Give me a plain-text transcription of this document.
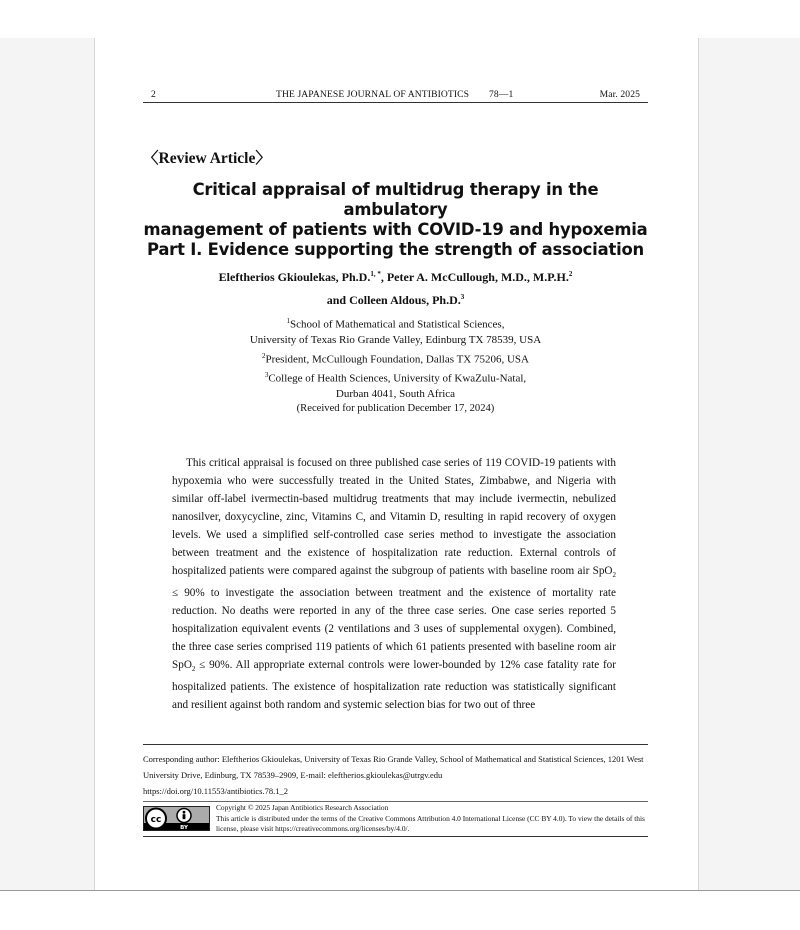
2	THE JAPANESE JOURNAL OF ANTIBIOTICS 78—1	Mar. 2025
〈Review Article〉
Critical appraisal of multidrug therapy in the ambulatory
management of patients with COVID-19 and hypoxemia
Part I. Evidence supporting the strength of association
Eleftherios Gkioulekas, Ph.D.$^{1, *}$, Peter A. McCullough, M.D., M.P.H.$^2$
and Colleen Aldous, Ph.D.$^3$
$^1$School of Mathematical and Statistical Sciences,
University of Texas Rio Grande Valley, Edinburg TX 78539, USA
$^2$President, McCullough Foundation, Dallas TX 75206, USA
$^3$College of Health Sciences, University of KwaZulu-Natal,
Durban 4041, South Africa
(Received for publication December 17, 2024)
This critical appraisal is focused on three published case series of 119 COVID-19 patients with hypoxemia who were successfully treated in the United States, Zimbabwe, and Nigeria with similar off-label ivermectin-based multidrug treatments that may include ivermectin, nebulized nanosilver, doxycycline, zinc, Vitamins C, and Vitamin D, resulting in rapid recovery of oxygen levels. We used a simplified self-controlled case series method to investigate the association between treatment and the existence of hospitalization rate reduction. External controls of hospitalized patients were compared against the subgroup of patients with baseline room air SpO$_2$ ≤ 90% to investigate the association between treatment and the existence of mortality rate reduction. No deaths were reported in any of the three case series. One case series reported 5 hospitalization equivalent events (2 ventilations and 3 uses of supplemental oxygen). Combined, the three case series comprised 119 patients of which 61 patients presented with baseline room air SpO$_2$ ≤ 90%. All appropriate external controls were lower-bounded by 12% case fatality rate for hospitalized patients. The existence of hospitalization rate reduction was statistically significant and resilient against both random and systemic selection bias for two out of three
Corresponding author: Eleftherios Gkioulekas, University of Texas Rio Grande Valley, School of Mathematical and Statistical Sciences, 1201 West University Drive, Edinburg, TX 78539–2909, E-mail: eleftherios.gkioulekas@utrgv.edu
https://doi.org/10.11553/antibiotics.78.1_2
cc
BY
Copyright © 2025 Japan Antibiotics Research Association
This article is distributed under the terms of the Creative Commons Attribution 4.0 International License (CC BY 4.0). To view the details of this license, please visit https://creativecommons.org/licenses/by/4.0/.
